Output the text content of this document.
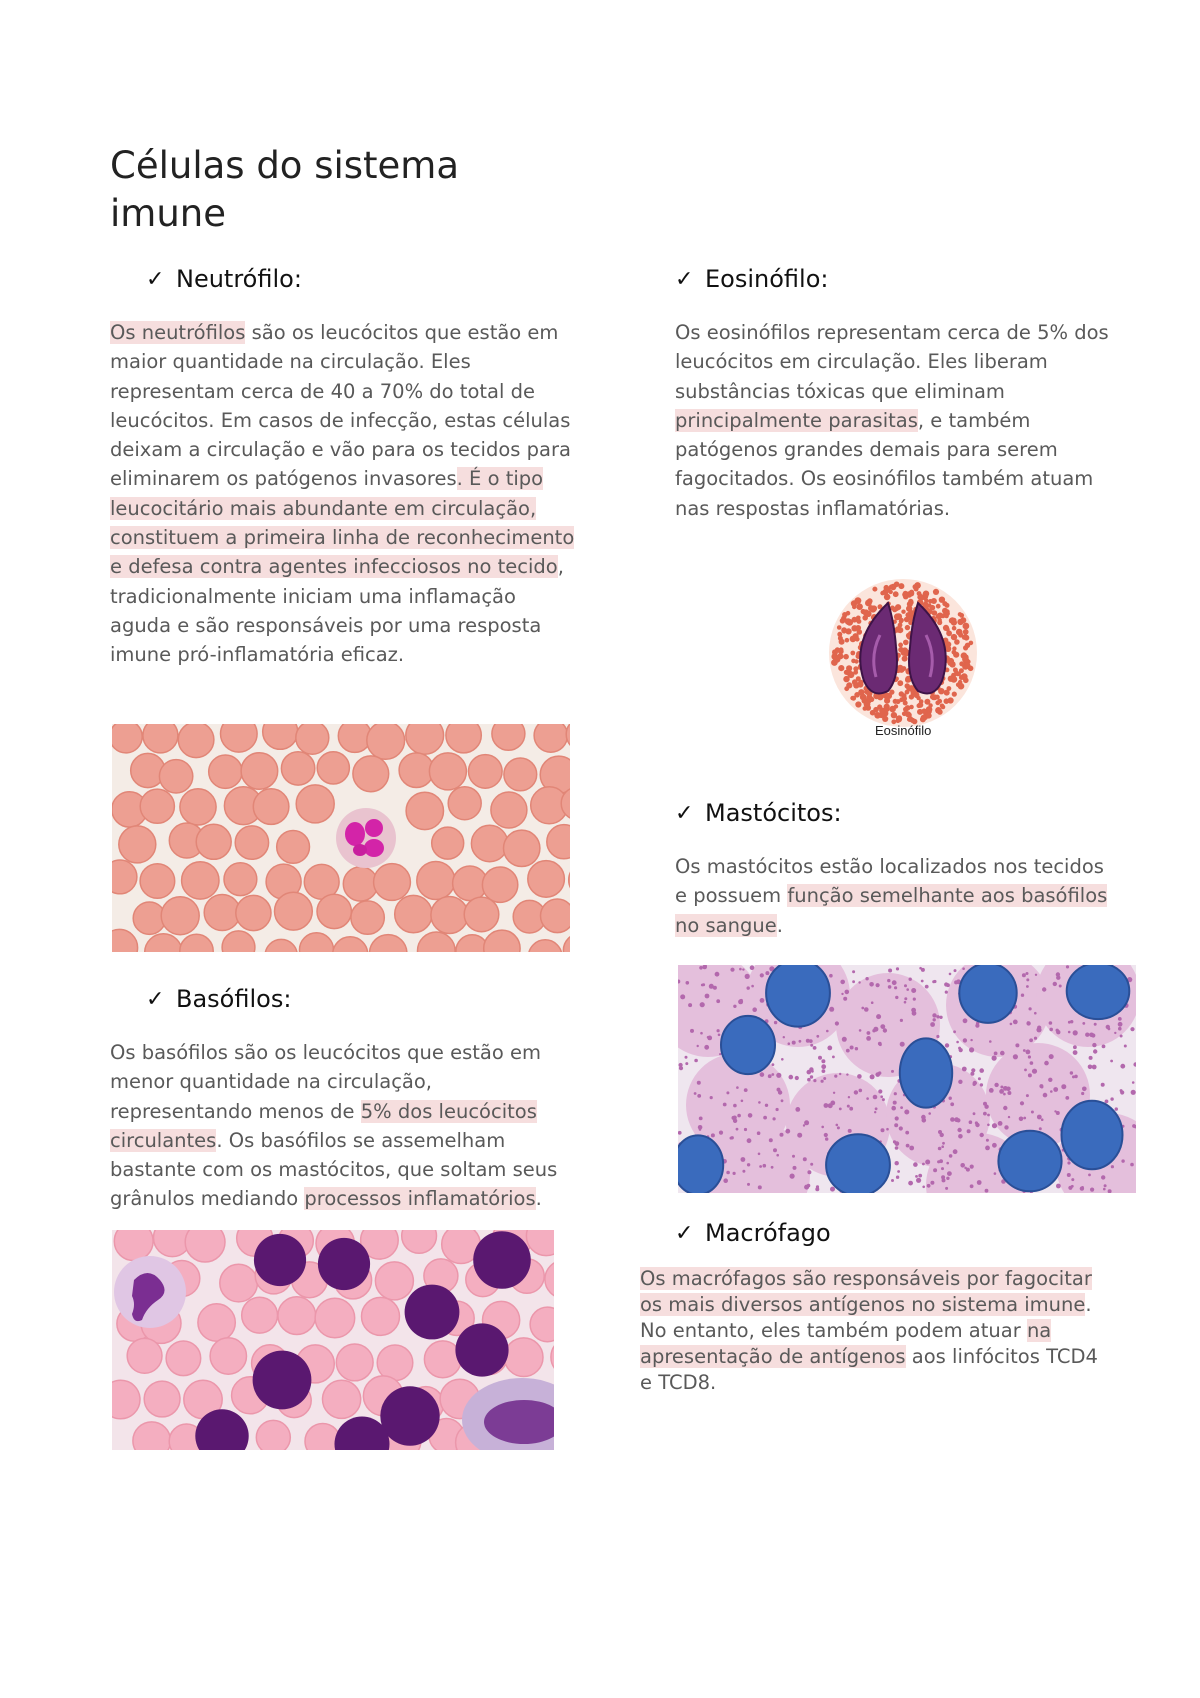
Células do sistema imune
✓ Neutrófilo:

Os neutrófilos são os leucócitos que estão em maior quantidade na circulação. Eles representam cerca de 40 a 70% do total de leucócitos. Em casos de infecção, estas células deixam a circulação e vão para os tecidos para eliminarem os patógenos invasores. É o tipo leucocitário mais abundante em circulação, constituem a primeira linha de reconhecimento e defesa contra agentes infecciosos no tecido, tradicionalmente iniciam uma inflamação aguda e são responsáveis por uma resposta imune pró-inflamatória eficaz.

✓ Basófilos:

Os basófilos são os leucócitos que estão em menor quantidade na circulação, representando menos de 5% dos leucócitos circulantes. Os basófilos se assemelham bastante com os mastócitos, que soltam seus grânulos mediando processos inflamatórios.

✓ Eosinófilo:

Os eosinófilos representam cerca de 5% dos leucócitos em circulação. Eles liberam substâncias tóxicas que eliminam principalmente parasitas, e também patógenos grandes demais para serem fagocitados. Os eosinófilos também atuam nas respostas inflamatórias.

Eosinófilo
✓ Mastócitos:

Os mastócitos estão localizados nos tecidos e possuem função semelhante aos basófilos no sangue.

✓ Macrófago

Os macrófagos são responsáveis por fagocitar os mais diversos antígenos no sistema imune. No entanto, eles também podem atuar na apresentação de antígenos aos linfócitos TCD4 e TCD8.
